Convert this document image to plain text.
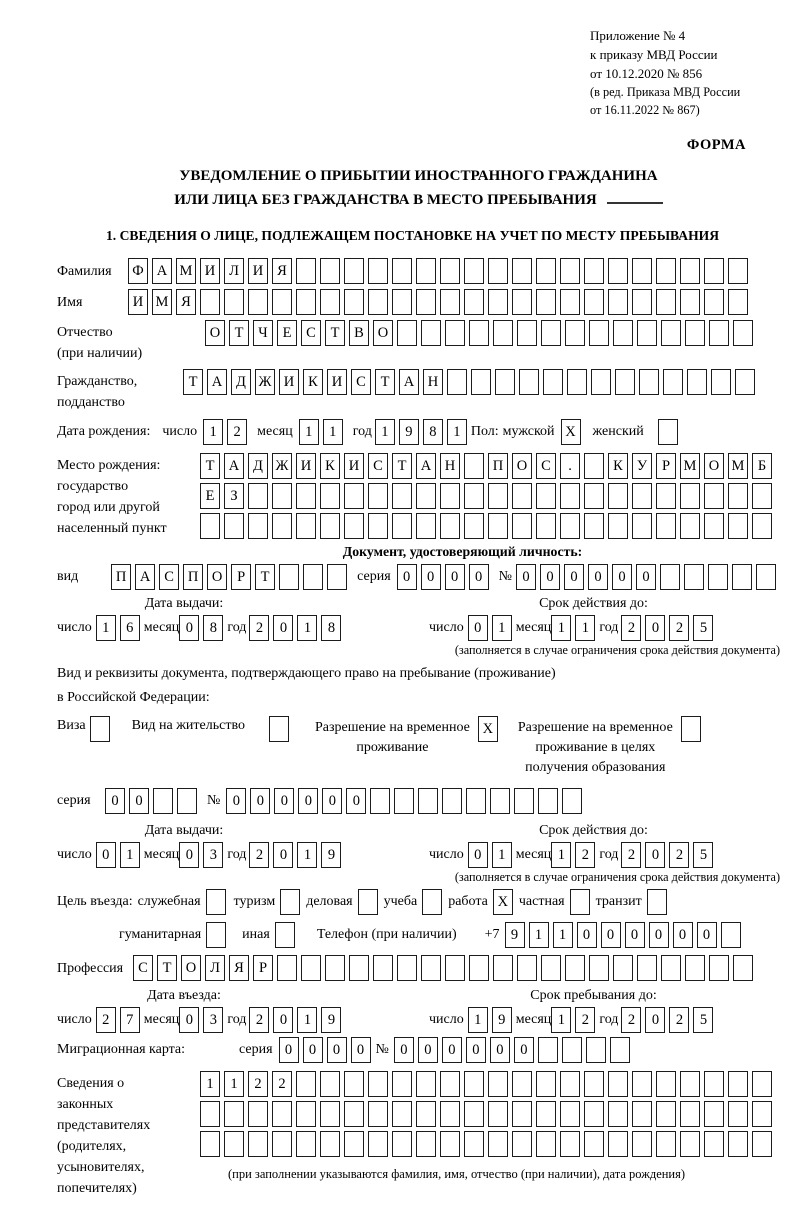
Приложение № 4
к приказу МВД России
от 10.12.2020 № 856
(в ред. Приказа МВД России
от 16.11.2022 № 867)
ФОРМА
УВЕДОМЛЕНИЕ О ПРИБЫТИИ ИНОСТРАННОГО ГРАЖДАНИНА
ИЛИ ЛИЦА БЕЗ ГРАЖДАНСТВА В МЕСТО ПРЕБЫВАНИЯ
1. СВЕДЕНИЯ О ЛИЦЕ, ПОДЛЕЖАЩЕМ ПОСТАНОВКЕ НА УЧЕТ ПО МЕСТУ ПРЕБЫВАНИЯ
Фамилия	Ф А М И Л И Я
Имя	И М Я
Отчество
(при наличии)
О Т	Ч	Е	С	Т	В О
Гражданство,
подданство
Т А Д Ж И К И С	Т А Н
Дата рождения: число 1	2	месяц 1	1	год 1	9	8	1 Пол: мужской X	женский
Место рождения:
государство
город или другой
населенный пункт
Т А Д Ж И К И С	Т А Н	П О С	.	К У	Р М О М Б
Е	З
Документ, удостоверяющий личность:
вид	П А С П О	Р	Т	серия 0	0	0	0	№ 0	0	0	0	0	0
Дата выдачи:
число 1	6 месяц 0	8 год 2	0	1	8
Срок действия до:
число 0	1 месяц 1	1 год 2	0	2	5
(заполняется в случае ограничения срока действия документа)
Вид и реквизиты документа, подтверждающего право на пребывание (проживание)
в Российской Федерации:
Виза	Вид на жительство	Разрешение на временное
проживание
X	Разрешение на временное
проживание в целях
получения образования
серия	0	0	№ 0	0	0	0	0	0
Дата выдачи:
число 0	1 месяц 0	3 год 2	0	1	9
Срок действия до:
число 0	1 месяц 1	2 год 2	0	2	5
(заполняется в случае ограничения срока действия документа)
Цель въезда: служебная туризм деловая учеба работа X частная транзит
гуманитарная	иная	Телефон (при наличии) +7 9	1	1	0	0	0	0	0	0
Профессия	С	Т О Л Я	Р
Дата въезда:
число 2	7 месяц 0	3 год 2	0	1	9
Срок пребывания до:
число 1	9 месяц 1	2 год 2	0	2	5
Миграционная карта:	серия 0	0	0	0 № 0	0	0	0	0	0
Сведения о
законных
представителях
(родителях,
усыновителях,
попечителях)
1	1	2	2
(при заполнении указываются фамилия, имя, отчество (при наличии), дата рождения)
